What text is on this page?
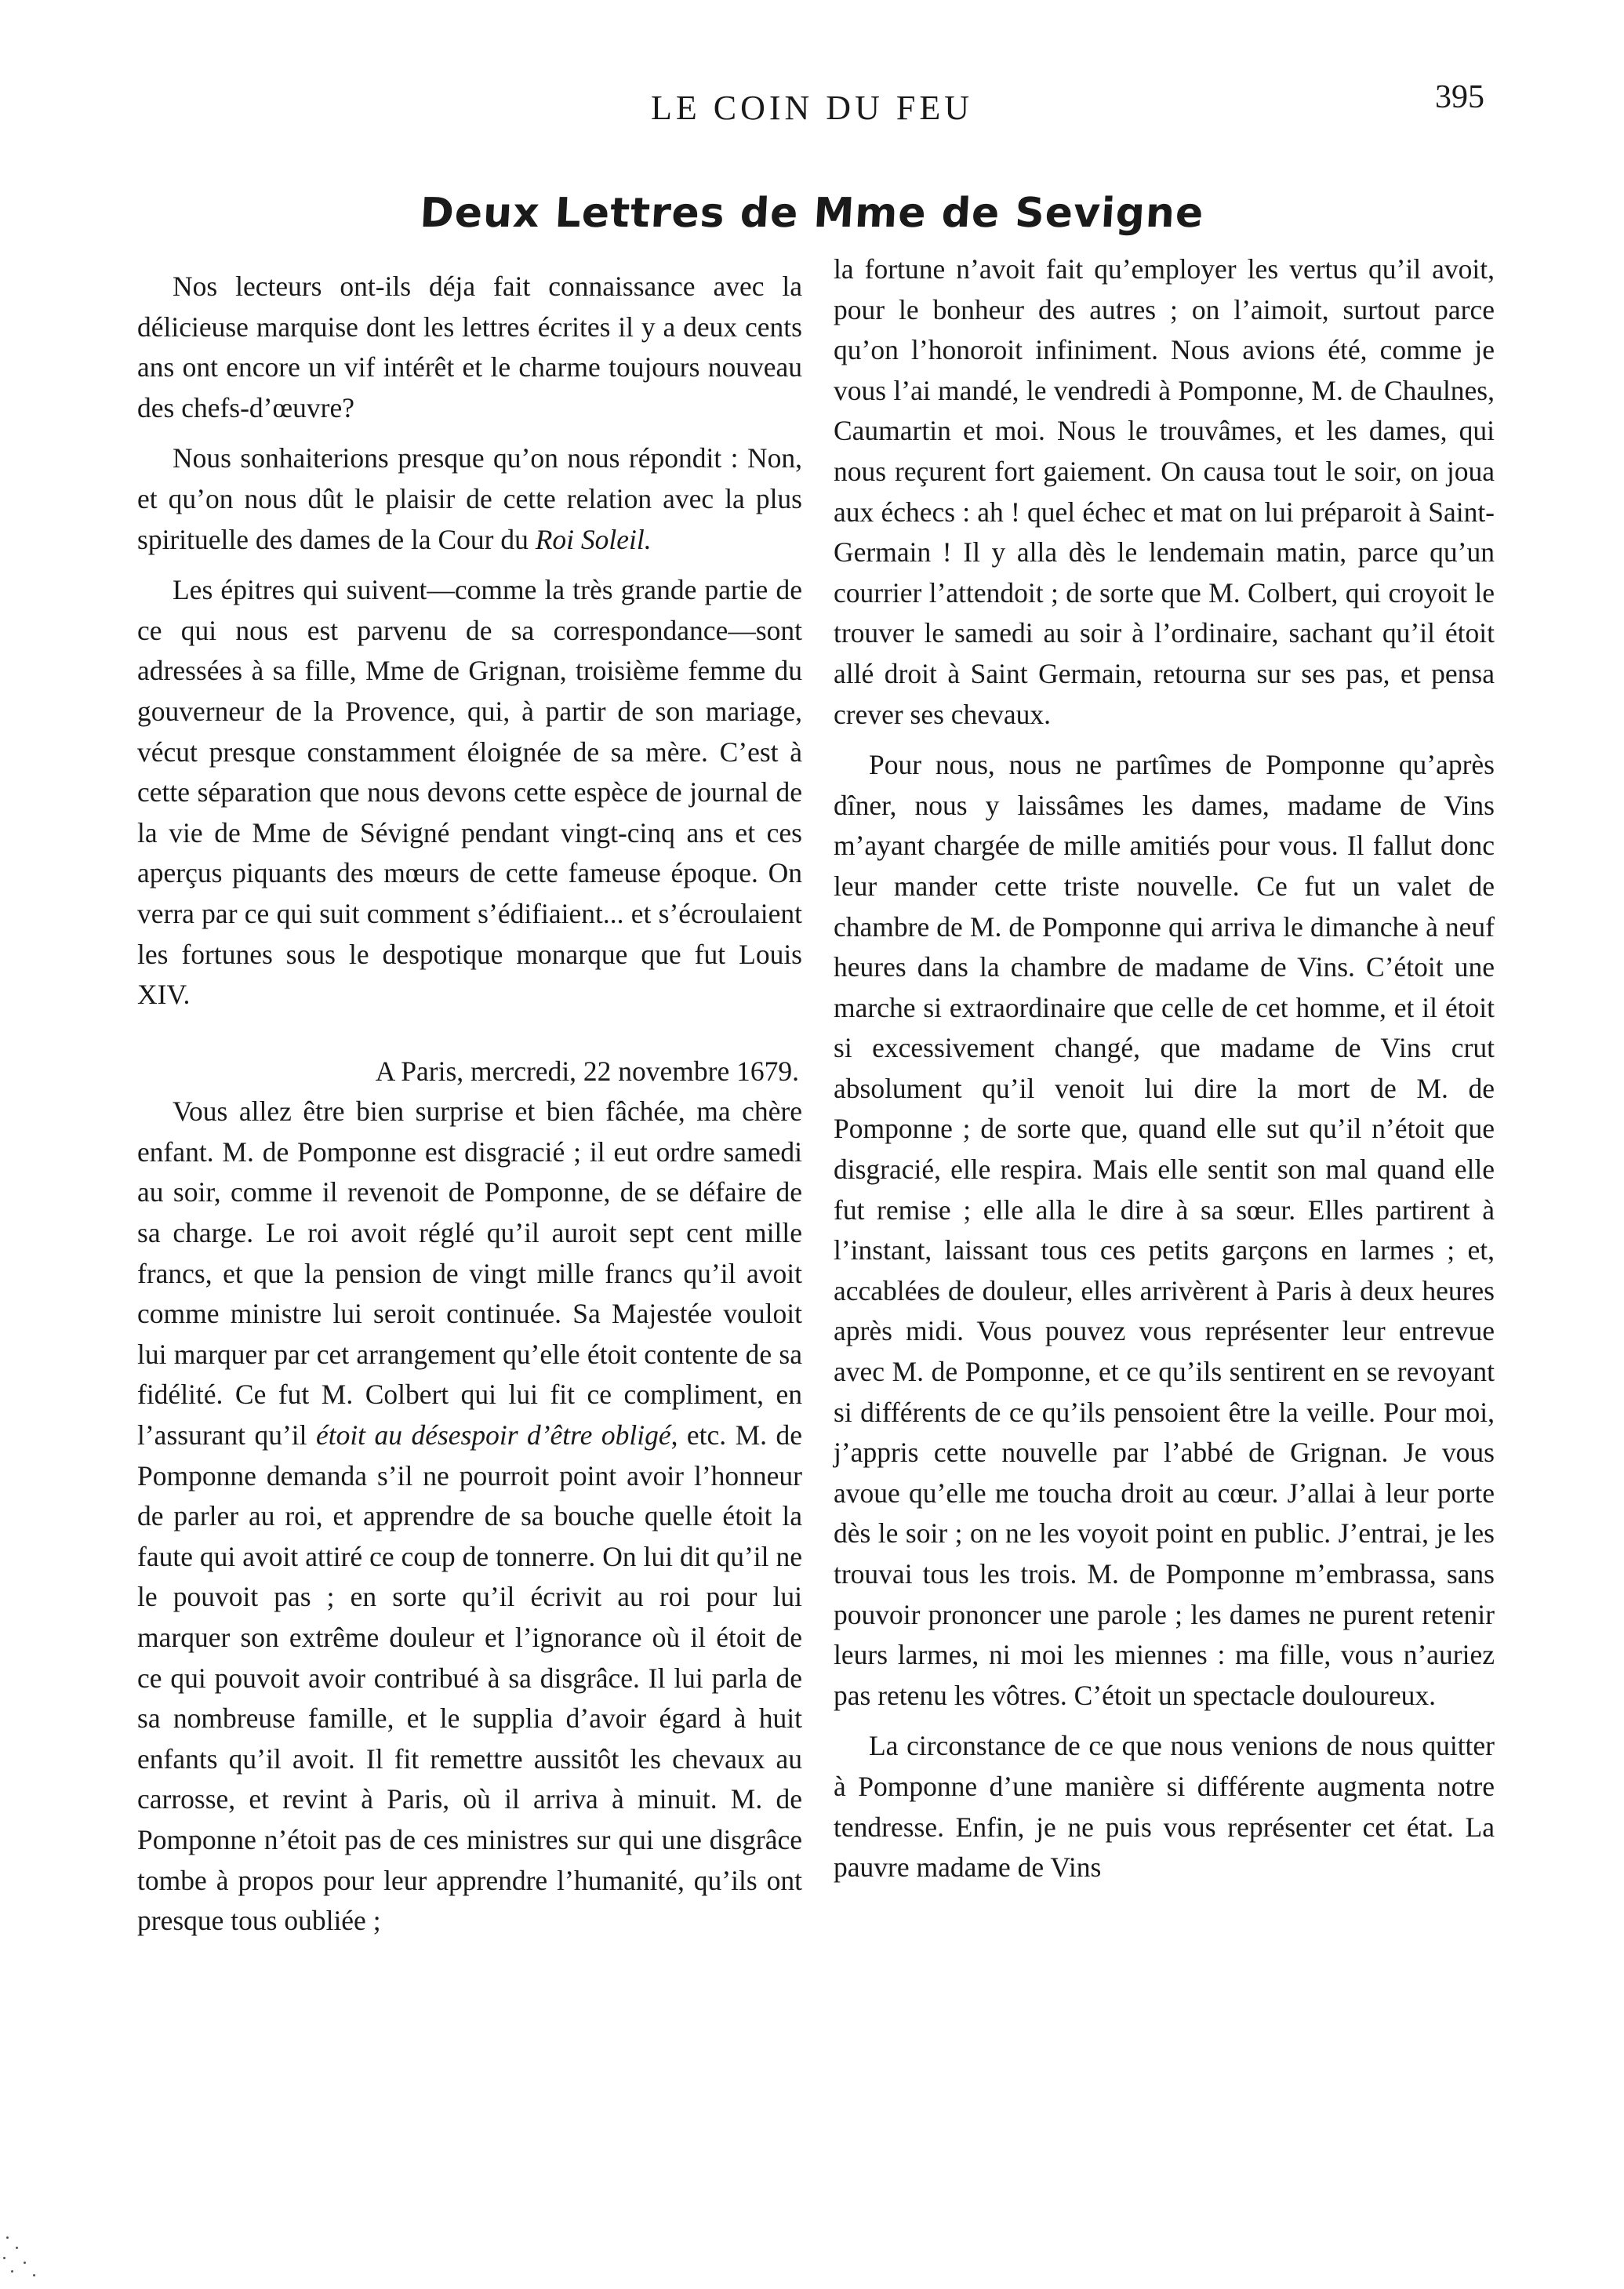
LE COIN DU FEU	395
Deux Lettres de Mme de Sevigne

Nos lecteurs ont-ils déja fait connaissance avec la délicieuse marquise dont les lettres écrites il y a deux cents ans ont encore un vif intérêt et le charme toujours nouveau des chefs-d’œuvre?

Nous sonhaiterions presque qu’on nous répondit : Non, et qu’on nous dût le plaisir de cette relation avec la plus spirituelle des dames de la Cour du Roi Soleil.

Les épitres qui suivent—comme la très grande partie de ce qui nous est parvenu de sa correspondance—sont adressées à sa fille, Mme de Grignan, troisième femme du gouverneur de la Provence, qui, à partir de son mariage, vécut presque constamment éloignée de sa mère. C’est à cette séparation que nous devons cette espèce de journal de la vie de Mme de Sévigné pendant vingt-cinq ans et ces aperçus piquants des mœurs de cette fameuse époque. On verra par ce qui suit comment s’édifiaient... et s’écroulaient les fortunes sous le despotique monarque que fut Louis XIV.

A Paris, mercredi, 22 novembre 1679.

Vous allez être bien surprise et bien fâchée, ma chère enfant. M. de Pomponne est disgracié ; il eut ordre samedi au soir, comme il revenoit de Pomponne, de se défaire de sa charge. Le roi avoit réglé qu’il auroit sept cent mille francs, et que la pension de vingt mille francs qu’il avoit comme ministre lui seroit continuée. Sa Majestée vouloit lui marquer par cet arrangement qu’elle étoit contente de sa fidélité. Ce fut M. Colbert qui lui fit ce compliment, en l’assurant qu’il étoit au désespoir d’être obligé, etc. M. de Pomponne demanda s’il ne pourroit point avoir l’honneur de parler au roi, et apprendre de sa bouche quelle étoit la faute qui avoit attiré ce coup de tonnerre. On lui dit qu’il ne le pouvoit pas ; en sorte qu’il écrivit au roi pour lui marquer son extrême douleur et l’ignorance où il étoit de ce qui pouvoit avoir contribué à sa disgrâce. Il lui parla de sa nombreuse famille, et le supplia d’avoir égard à huit enfants qu’il avoit. Il fit remettre aussitôt les chevaux au carrosse, et revint à Paris, où il arriva à minuit. M. de Pomponne n’étoit pas de ces ministres sur qui une disgrâce tombe à propos pour leur apprendre l’humanité, qu’ils ont presque tous oubliée ;

la fortune n’avoit fait qu’employer les vertus qu’il avoit, pour le bonheur des autres ; on l’aimoit, surtout parce qu’on l’honoroit infiniment. Nous avions été, comme je vous l’ai mandé, le vendredi à Pomponne, M. de Chaulnes, Caumartin et moi. Nous le trouvâmes, et les dames, qui nous reçurent fort gaiement. On causa tout le soir, on joua aux échecs : ah ! quel échec et mat on lui préparoit à Saint-Germain ! Il y alla dès le lendemain matin, parce qu’un courrier l’attendoit ; de sorte que M. Colbert, qui croyoit le trouver le samedi au soir à l’ordinaire, sachant qu’il étoit allé droit à Saint Germain, retourna sur ses pas, et pensa crever ses chevaux.

Pour nous, nous ne partîmes de Pomponne qu’après dîner, nous y laissâmes les dames, madame de Vins m’ayant chargée de mille amitiés pour vous. Il fallut donc leur mander cette triste nouvelle. Ce fut un valet de chambre de M. de Pomponne qui arriva le dimanche à neuf heures dans la chambre de madame de Vins. C’étoit une marche si extraordinaire que celle de cet homme, et il étoit si excessivement changé, que madame de Vins crut absolument qu’il venoit lui dire la mort de M. de Pomponne ; de sorte que, quand elle sut qu’il n’étoit que disgracié, elle respira. Mais elle sentit son mal quand elle fut remise ; elle alla le dire à sa sœur. Elles partirent à l’instant, laissant tous ces petits garçons en larmes ; et, accablées de douleur, elles arrivèrent à Paris à deux heures après midi. Vous pouvez vous représenter leur entrevue avec M. de Pomponne, et ce qu’ils sentirent en se revoyant si différents de ce qu’ils pensoient être la veille. Pour moi, j’appris cette nouvelle par l’abbé de Grignan. Je vous avoue qu’elle me toucha droit au cœur. J’allai à leur porte dès le soir ; on ne les voyoit point en public. J’entrai, je les trouvai tous les trois. M. de Pomponne m’embrassa, sans pouvoir prononcer une parole ; les dames ne purent retenir leurs larmes, ni moi les miennes : ma fille, vous n’auriez pas retenu les vôtres. C’étoit un spectacle douloureux.

La circonstance de ce que nous venions de nous quitter à Pomponne d’une manière si différente augmenta notre tendresse. Enfin, je ne puis vous représenter cet état. La pauvre madame de Vins
